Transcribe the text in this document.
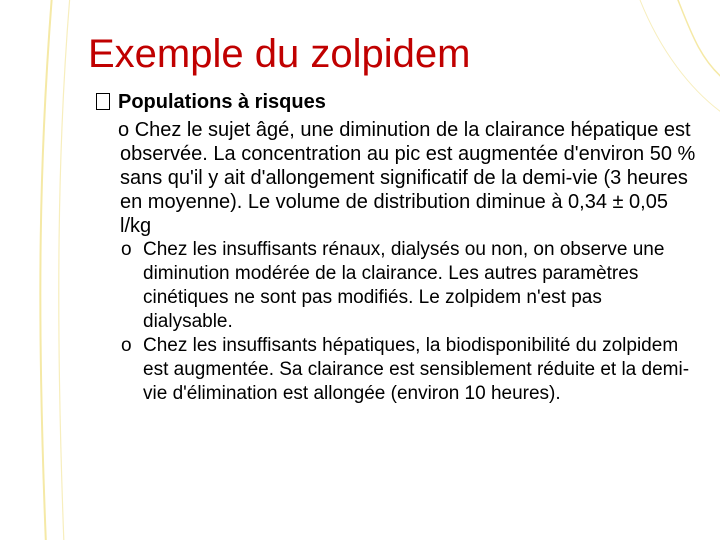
Exemple du zolpidem
Populations à risques
o Chez le sujet âgé, une diminution de la clairance hépatique est observée. La concentration au pic est augmentée d'environ 50 % sans qu'il y ait d'allongement significatif de la demi-vie (3 heures en moyenne). Le volume de distribution diminue à 0,34 ± 0,05 l/kg
o Chez les insuffisants rénaux, dialysés ou non, on observe une diminution modérée de la clairance. Les autres paramètres cinétiques ne sont pas modifiés. Le zolpidem n'est pas dialysable.
o Chez les insuffisants hépatiques, la biodisponibilité du zolpidem est augmentée. Sa clairance est sensiblement réduite et la demi-vie d'élimination est allongée (environ 10 heures).
